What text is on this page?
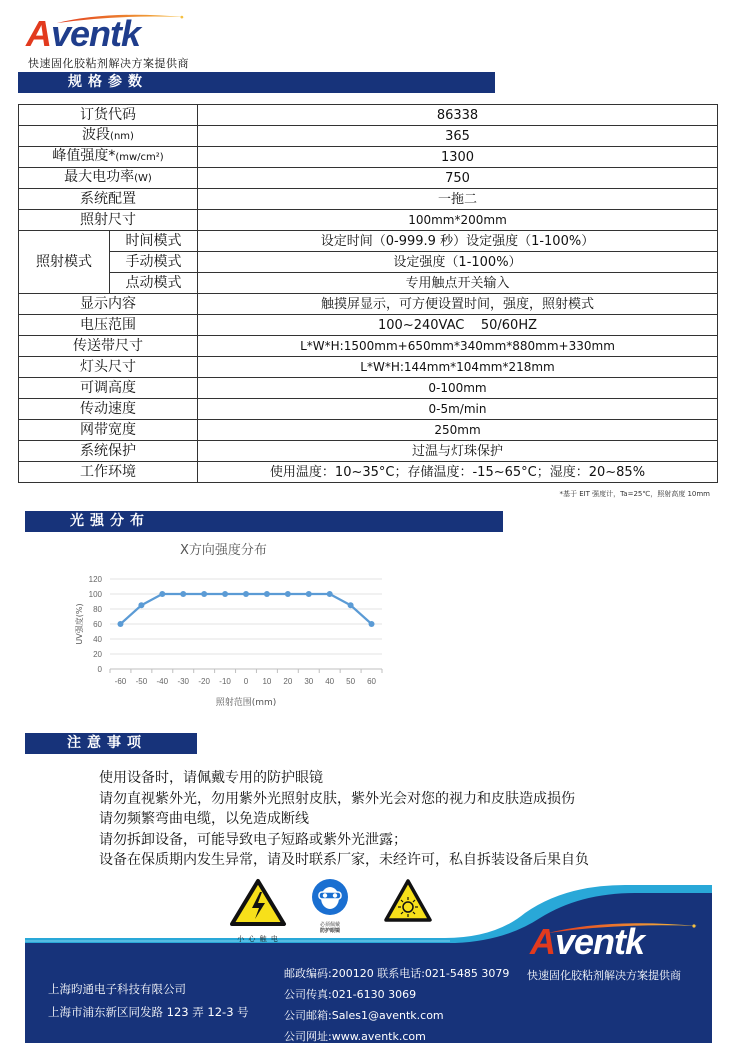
Aventk
快速固化胶粘剂解决方案提供商
规格参数
订货代码		86338
波段(nm)		365
峰值强度*(mw/cm²)		1300
最大电功率(W)		750
系统配置		一拖二
照射尺寸		100mm*200mm
照射模式	时间模式	设定时间（0-999.9 秒）设定强度（1-100%）
	手动模式	设定强度（1-100%）
	点动模式	专用触点开关输入
显示内容		触摸屏显示，可方便设置时间，强度，照射模式
电压范围		100~240VAC    50/60HZ
传送带尺寸		L*W*H:1500mm+650mm*340mm*880mm+330mm
灯头尺寸		L*W*H:144mm*104mm*218mm
可调高度		0-100mm
传动速度		0-5m/min
网带宽度		250mm
系统保护		过温与灯珠保护
工作环境		使用温度：10~35°C；存储温度：-15~65°C；湿度：20~85%
*基于 EIT 强度计，Ta=25℃，照射高度 10mm
光强分布
X方向强度分布
0
20
40
60
80
100
120
-60 -50 -40 -30 -20 -10 0 10 20 30 40 50 60
照射范围(mm)
UV强度(%)
注意事项
使用设备时，请佩戴专用的防护眼镜
请勿直视紫外光，勿用紫外光照射皮肤，紫外光会对您的视力和皮肤造成损伤
请勿频繁弯曲电缆，以免造成断线
请勿拆卸设备，可能导致电子短路或紫外光泄露；
设备在保质期内发生异常，请及时联系厂家，未经许可，私自拆装设备后果自负
Aventk
快速固化胶粘剂解决方案提供商
上海昀通电子科技有限公司
上海市浦东新区同发路 123 弄 12-3 号
邮政编码:200120 联系电话:021-5485 3079
公司传真:021-6130 3069
公司邮箱:Sales1@aventk.com
公司网址:www.aventk.com
小 心 触 电
必须佩戴
防护眼镜
